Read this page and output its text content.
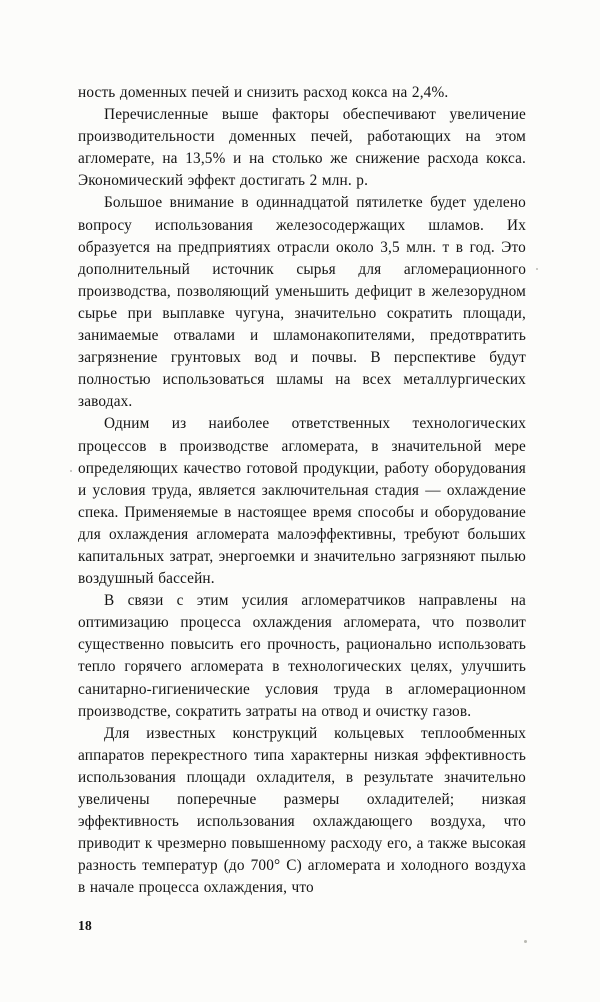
ность доменных печей и снизить расход кокса на 2,4%.

Перечисленные выше факторы обеспечивают увеличение производительности доменных печей, работающих на этом агломерате, на 13,5% и на столько же снижение расхода кокса. Экономический эффект достигать 2 млн. р.

Большое внимание в одиннадцатой пятилетке будет уделено вопросу использования железосодержащих шламов. Их образуется на предприятиях отрасли около 3,5 млн. т в год. Это дополнительный источник сырья для агломерационного производства, позволяющий уменьшить дефицит в железорудном сырье при выплавке чугуна, значительно сократить площади, занимаемые отвалами и шламонакопителями, предотвратить загрязнение грунтовых вод и почвы. В перспективе будут полностью использоваться шламы на всех металлургических заводах.

Одним из наиболее ответственных технологических процессов в производстве агломерата, в значительной мере определяющих качество готовой продукции, работу оборудования и условия труда, является заключительная стадия — охлаждение спека. Применяемые в настоящее время способы и оборудование для охлаждения агломерата малоэффективны, требуют больших капитальных затрат, энергоемки и значительно загрязняют пылью воздушный бассейн.

В связи с этим усилия агломератчиков направлены на оптимизацию процесса охлаждения агломерата, что позволит существенно повысить его прочность, рационально использовать тепло горячего агломерата в технологических целях, улучшить санитарно-гигиенические условия труда в агломерационном производстве, сократить затраты на отвод и очистку газов.

Для известных конструкций кольцевых теплообменных аппаратов перекрестного типа характерны низкая эффективность использования площади охладителя, в результате значительно увеличены поперечные размеры охладителей; низкая эффективность использования охлаждающего воздуха, что приводит к чрезмерно повышенному расходу его, а также высокая разность температур (до 700° С) агломерата и холодного воздуха в начале процесса охлаждения, что

18
